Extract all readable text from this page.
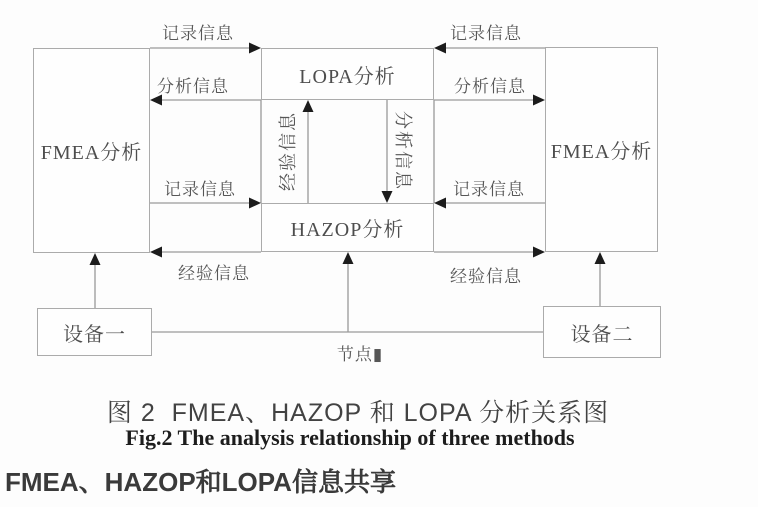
FMEA分析
LOPA分析
HAZOP分析
FMEA分析
设备一	设备二
记录信息
分析信息
记录信息
经验信息
记录信息
分析信息
记录信息
经验信息
经验信息	分析信息
节点▮
图 2  FMEA、HAZOP 和 LOPA 分析关系图
Fig.2 The analysis relationship of three methods
FMEA、HAZOP和LOPA信息共享
